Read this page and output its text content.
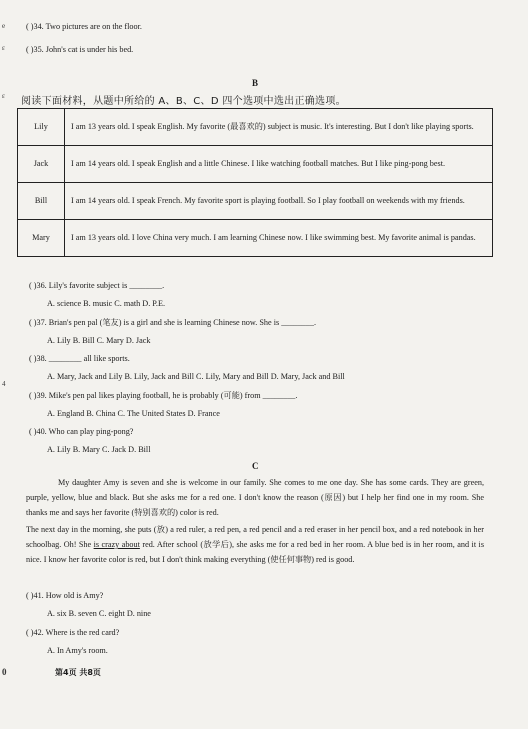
e
ε
ε
4
0
( )34. Two pictures are on the floor.
( )35. John's cat is under his bed.
B
阅读下面材料，从题中所给的 A、B、C、D 四个选项中选出正确选项。
Lily	I am 13 years old. I speak English. My favorite (最喜欢的) subject is music. It's interesting. But I don't like playing sports.
Jack	I am 14 years old. I speak English and a little Chinese. I like watching football matches. But I like ping-pong best.
Bill	I am 14 years old. I speak French. My favorite sport is playing football. So I play football on weekends with my friends.
Mary	I am 13 years old. I love China very much. I am learning Chinese now. I like swimming best. My favorite animal is pandas.
( )36. Lily's favorite subject is ________.
A. science B. music C. math D. P.E.
( )37. Brian's pen pal (笔友) is a girl and she is learning Chinese now. She is ________.
A. Lily B. Bill C. Mary D. Jack
( )38. ________ all like sports.
A. Mary, Jack and Lily B. Lily, Jack and Bill C. Lily, Mary and Bill D. Mary, Jack and Bill
( )39. Mike's pen pal likes playing football, he is probably (可能) from ________.
A. England B. China C. The United States D. France
( )40. Who can play ping-pong?
A. Lily B. Mary C. Jack D. Bill
C
My daughter Amy is seven and she is welcome in our family. She comes to me one day. She has some cards. They are green, purple, yellow, blue and black. But she asks me for a red one. I don't know the reason (原因) but I help her find one in my room. She thanks me and says her favorite (特别喜欢的) color is red.
The next day in the morning, she puts (放) a red ruler, a red pen, a red pencil and a red eraser in her pencil box, and a red notebook in her schoolbag. Oh! She is crazy about red. After school (放学后), she asks me for a red bed in her room. A blue bed is in her room, and it is nice. I know her favorite color is red, but I don't think making everything (使任何事物) red is good.
( )41. How old is Amy?
A. six B. seven C. eight D. nine
( )42. Where is the red card?
A. In Amy's room.
第4页 共8页
